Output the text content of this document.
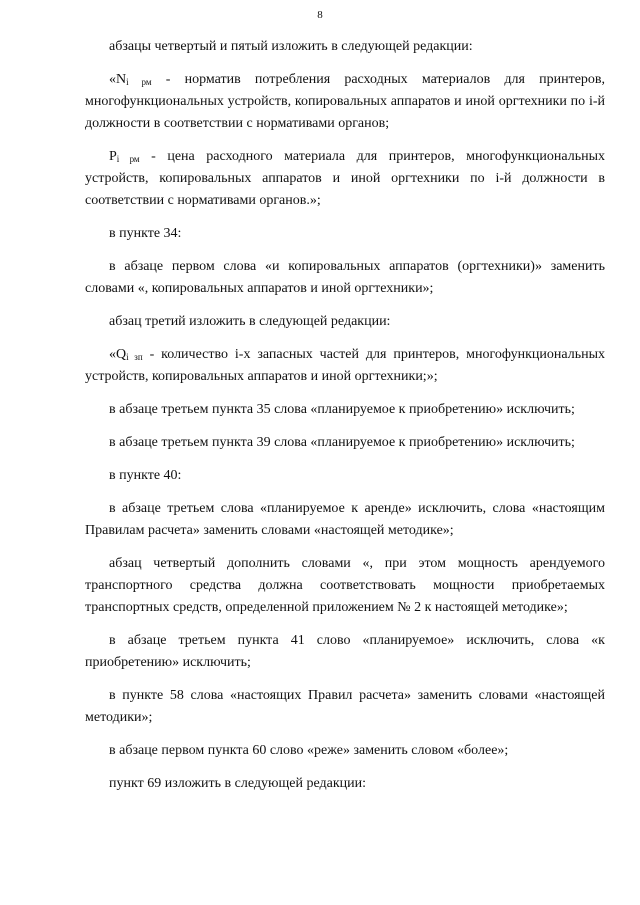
8

абзацы четвертый и пятый изложить в следующей редакции:

«$N_{i рм}$ - норматив потребления расходных материалов для принтеров, многофункциональных устройств, копировальных аппаратов и иной оргтехники по i-й должности в соответствии с нормативами органов;

$P_{i рм}$ - цена расходного материала для принтеров, многофункциональных устройств, копировальных аппаратов и иной оргтехники по i-й должности в соответствии с нормативами органов.»;

в пункте 34:

в абзаце первом слова «и копировальных аппаратов (оргтехники)» заменить словами «, копировальных аппаратов и иной оргтехники»;

абзац третий изложить в следующей редакции:

«$Q_{i зп}$ - количество i-х запасных частей для принтеров, многофункциональных устройств, копировальных аппаратов и иной оргтехники;»;

в абзаце третьем пункта 35 слова «планируемое к приобретению» исключить;

в абзаце третьем пункта 39 слова «планируемое к приобретению» исключить;

в пункте 40:

в абзаце третьем слова «планируемое к аренде» исключить, слова «настоящим Правилам расчета» заменить словами «настоящей методике»;

абзац четвертый дополнить словами «, при этом мощность арендуемого транспортного средства должна соответствовать мощности приобретаемых транспортных средств, определенной приложением № 2 к настоящей методике»;

в абзаце третьем пункта 41 слово «планируемое» исключить, слова «к приобретению» исключить;

в пункте 58 слова «настоящих Правил расчета» заменить словами «настоящей методики»;

в абзаце первом пункта 60 слово «реже» заменить словом «более»;

пункт 69 изложить в следующей редакции:
